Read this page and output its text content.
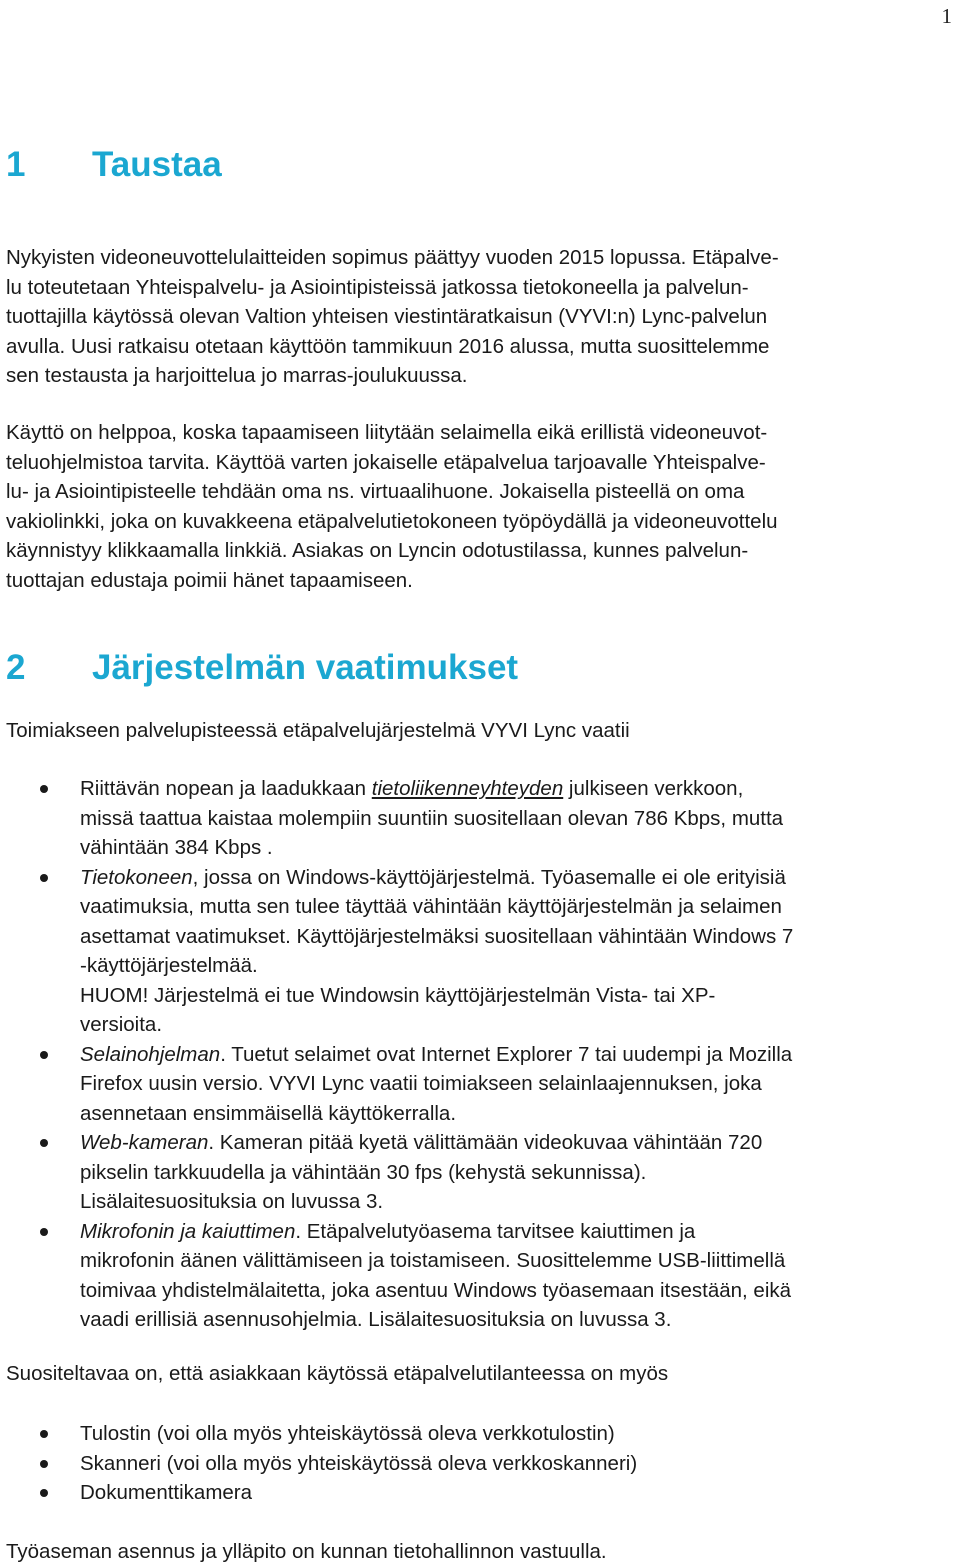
1
1 Taustaa

Nykyisten videoneuvottelulaitteiden sopimus päättyy vuoden 2015 lopussa. Etäpalve-
lu toteutetaan Yhteispalvelu- ja Asiointipisteissä jatkossa tietokoneella ja palvelun-
tuottajilla käytössä olevan Valtion yhteisen viestintäratkaisun (VYVI:n) Lync-palvelun
avulla. Uusi ratkaisu otetaan käyttöön tammikuun 2016 alussa, mutta suosittelemme
sen testausta ja harjoittelua jo marras-joulukuussa.

Käyttö on helppoa, koska tapaamiseen liitytään selaimella eikä erillistä videoneuvot-
teluohjelmistoa tarvita. Käyttöä varten jokaiselle etäpalvelua tarjoavalle Yhteispalve-
lu- ja Asiointipisteelle tehdään oma ns. virtuaalihuone. Jokaisella pisteellä on oma
vakiolinkki, joka on kuvakkeena etäpalvelutietokoneen työpöydällä ja videoneuvottelu
käynnistyy klikkaamalla linkkiä. Asiakas on Lyncin odotustilassa, kunnes palvelun-
tuottajan edustaja poimii hänet tapaamiseen.

2 Järjestelmän vaatimukset

Toimiakseen palvelupisteessä etäpalvelujärjestelmä VYVI Lync vaatii

Riittävän nopean ja laadukkaan tietoliikenneyhteyden julkiseen verkkoon,
missä taattua kaistaa molempiin suuntiin suositellaan olevan 786 Kbps, mutta
vähintään 384 Kbps .
Tietokoneen, jossa on Windows-käyttöjärjestelmä. Työasemalle ei ole erityisiä
vaatimuksia, mutta sen tulee täyttää vähintään käyttöjärjestelmän ja selaimen
asettamat vaatimukset. Käyttöjärjestelmäksi suositellaan vähintään Windows 7
-käyttöjärjestelmää.
HUOM! Järjestelmä ei tue Windowsin käyttöjärjestelmän Vista- tai XP-
versioita.
Selainohjelman. Tuetut selaimet ovat Internet Explorer 7 tai uudempi ja Mozilla
Firefox uusin versio. VYVI Lync vaatii toimiakseen selainlaajennuksen, joka
asennetaan ensimmäisellä käyttökerralla.
Web-kameran. Kameran pitää kyetä välittämään videokuvaa vähintään 720
pikselin tarkkuudella ja vähintään 30 fps (kehystä sekunnissa).
Lisälaitesuosituksia on luvussa 3.
Mikrofonin ja kaiuttimen. Etäpalvelutyöasema tarvitsee kaiuttimen ja
mikrofonin äänen välittämiseen ja toistamiseen. Suosittelemme USB-liittimellä
toimivaa yhdistelmälaitetta, joka asentuu Windows työasemaan itsestään, eikä
vaadi erillisiä asennusohjelmia. Lisälaitesuosituksia on luvussa 3.

Suositeltavaa on, että asiakkaan käytössä etäpalvelutilanteessa on myös

Tulostin (voi olla myös yhteiskäytössä oleva verkkotulostin)
Skanneri (voi olla myös yhteiskäytössä oleva verkkoskanneri)
Dokumenttikamera

Työaseman asennus ja ylläpito on kunnan tietohallinnon vastuulla.
